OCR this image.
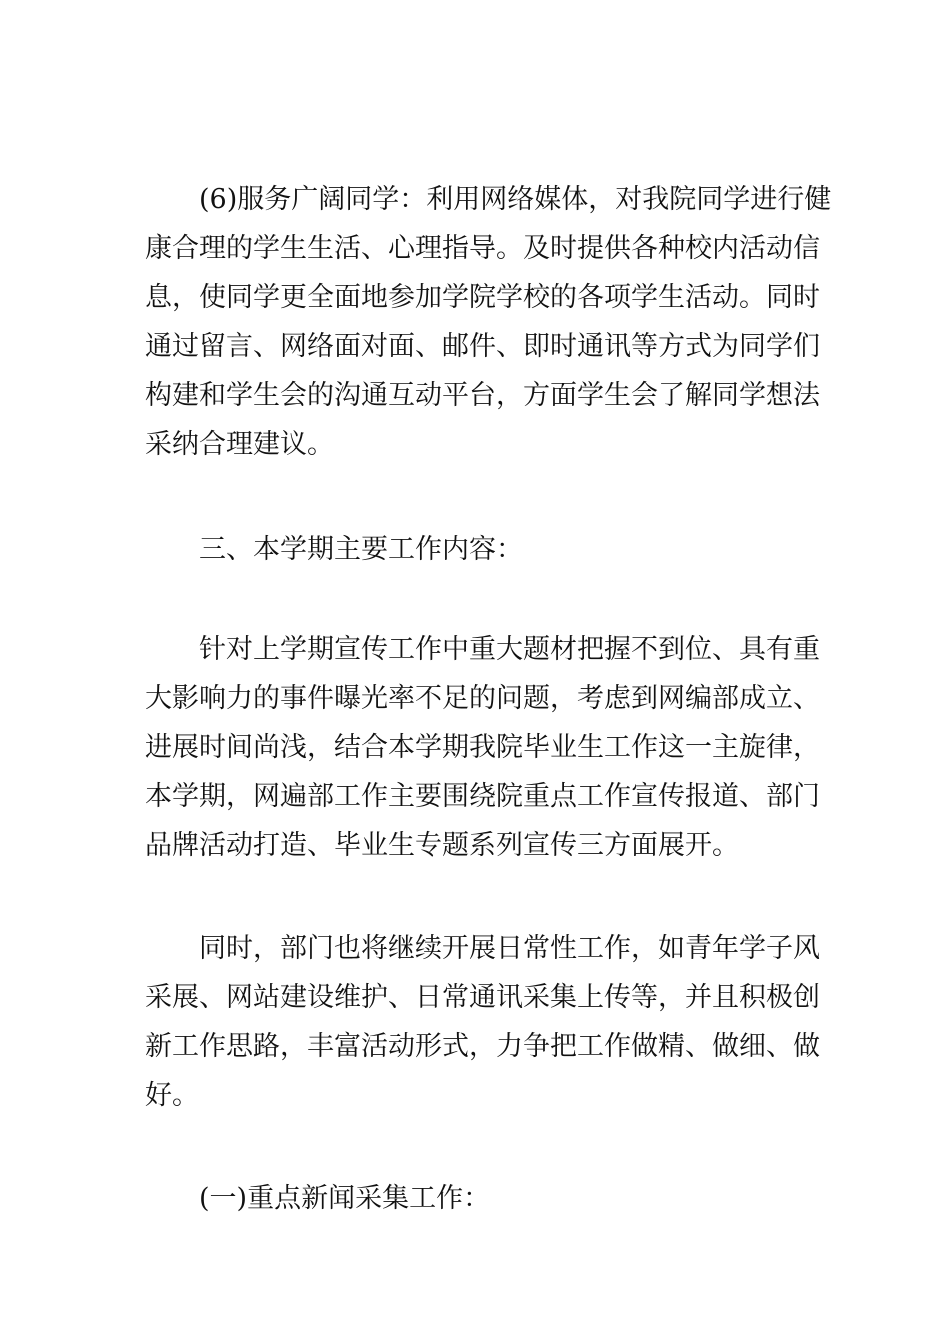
　　(6)服务广阔同学：利用网络媒体，对我院同学进行健
康合理的学生生活、心理指导。及时提供各种校内活动信
息，使同学更全面地参加学院学校的各项学生活动。同时
通过留言、网络面对面、邮件、即时通讯等方式为同学们
构建和学生会的沟通互动平台，方面学生会了解同学想法
采纳合理建议。
　　三、本学期主要工作内容：
　　针对上学期宣传工作中重大题材把握不到位、具有重
大影响力的事件曝光率不足的问题，考虑到网编部成立、
进展时间尚浅，结合本学期我院毕业生工作这一主旋律，
本学期，网遍部工作主要围绕院重点工作宣传报道、部门
品牌活动打造、毕业生专题系列宣传三方面展开。
　　同时，部门也将继续开展日常性工作，如青年学子风
采展、网站建设维护、日常通讯采集上传等，并且积极创
新工作思路，丰富活动形式，力争把工作做精、做细、做
好。
　　(一)重点新闻采集工作：
